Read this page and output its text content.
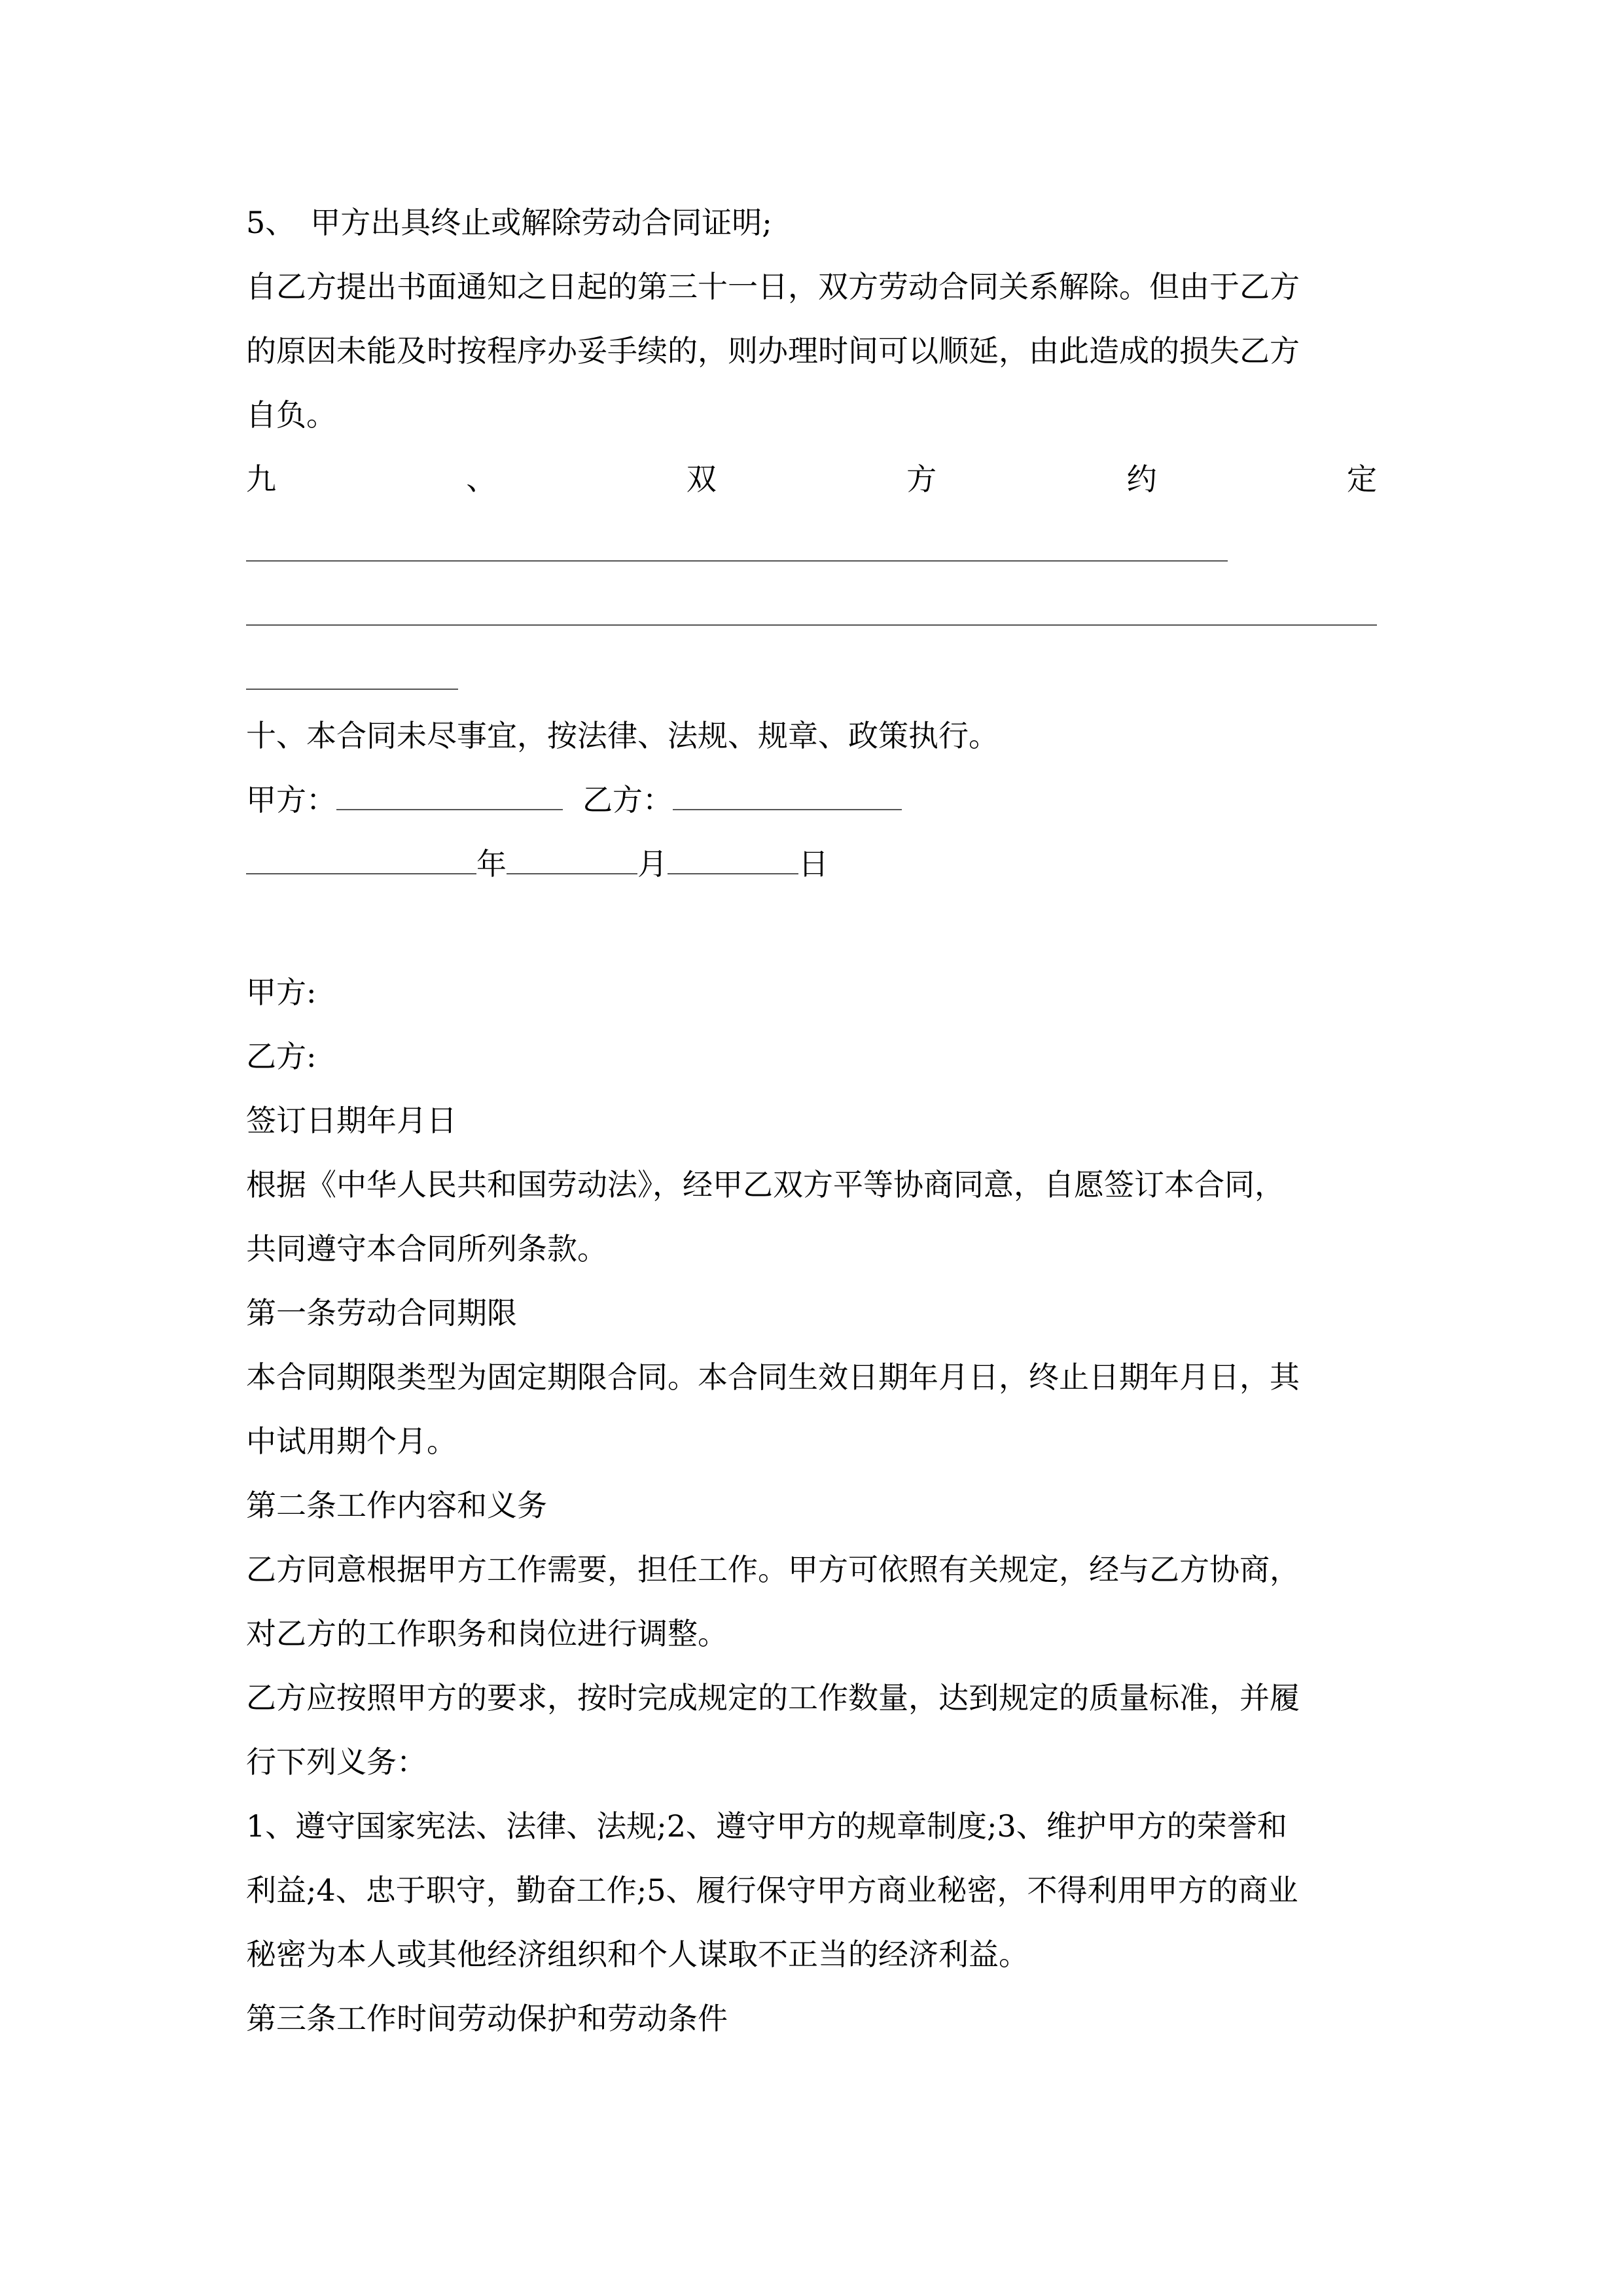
5、　甲方出具终止或解除劳动合同证明;
自乙方提出书面通知之日起的第三十一日，双方劳动合同关系解除。但由于乙方
的原因未能及时按程序办妥手续的，则办理时间可以顺延，由此造成的损失乙方
自负。
九	、	双	方	约	定
十、本合同未尽事宜，按法律、法规、规章、政策执行。
甲方：	乙方：
年	月	日
甲方:
乙方:
签订日期年月日
根据《中华人民共和国劳动法》，经甲乙双方平等协商同意，自愿签订本合同，
共同遵守本合同所列条款。
第一条劳动合同期限
本合同期限类型为固定期限合同。本合同生效日期年月日，终止日期年月日，其
中试用期个月。
第二条工作内容和义务
乙方同意根据甲方工作需要，担任工作。甲方可依照有关规定，经与乙方协商，
对乙方的工作职务和岗位进行调整。
乙方应按照甲方的要求，按时完成规定的工作数量，达到规定的质量标准，并履
行下列义务：
1、遵守国家宪法、法律、法规;2、遵守甲方的规章制度;3、维护甲方的荣誉和
利益;4、忠于职守，勤奋工作;5、履行保守甲方商业秘密，不得利用甲方的商业
秘密为本人或其他经济组织和个人谋取不正当的经济利益。
第三条工作时间劳动保护和劳动条件
